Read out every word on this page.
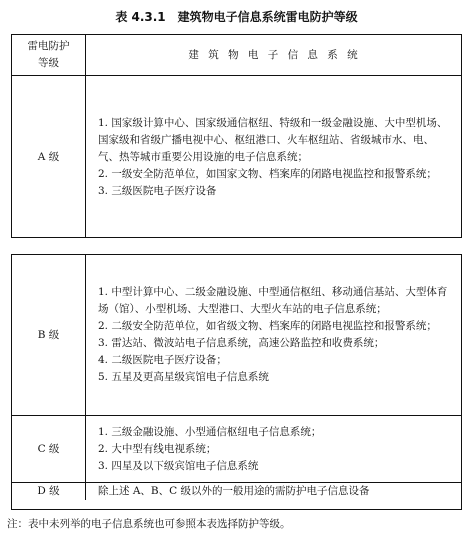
表 4.3.1　建筑物电子信息系统雷电防护等级
雷电防护
等级
建 筑 物 电 子 信 息 系 统
A 级

1. 国家级计算中心、国家级通信枢纽、特级和一级金融设施、大中型机场、国家级和省级广播电视中心、枢纽港口、火车枢纽站、省级城市水、电、气、热等城市重要公用设施的电子信息系统；

2. 一级安全防范单位，如国家文物、档案库的闭路电视监控和报警系统；

3. 三级医院电子医疗设备

B 级

1. 中型计算中心、二级金融设施、中型通信枢纽、移动通信基站、大型体育场（馆）、小型机场、大型港口、大型火车站的电子信息系统；

2. 二级安全防范单位，如省级文物、档案库的闭路电视监控和报警系统；

3. 雷达站、微波站电子信息系统，高速公路监控和收费系统；

4. 二级医院电子医疗设备；

5. 五星及更高星级宾馆电子信息系统

C 级

1. 三级金融设施、小型通信枢纽电子信息系统；

2. 大中型有线电视系统；

3. 四星及以下级宾馆电子信息系统

D 级	除上述 A、B、C 级以外的一般用途的需防护电子信息设备

注：表中未列举的电子信息系统也可参照本表选择防护等级。
